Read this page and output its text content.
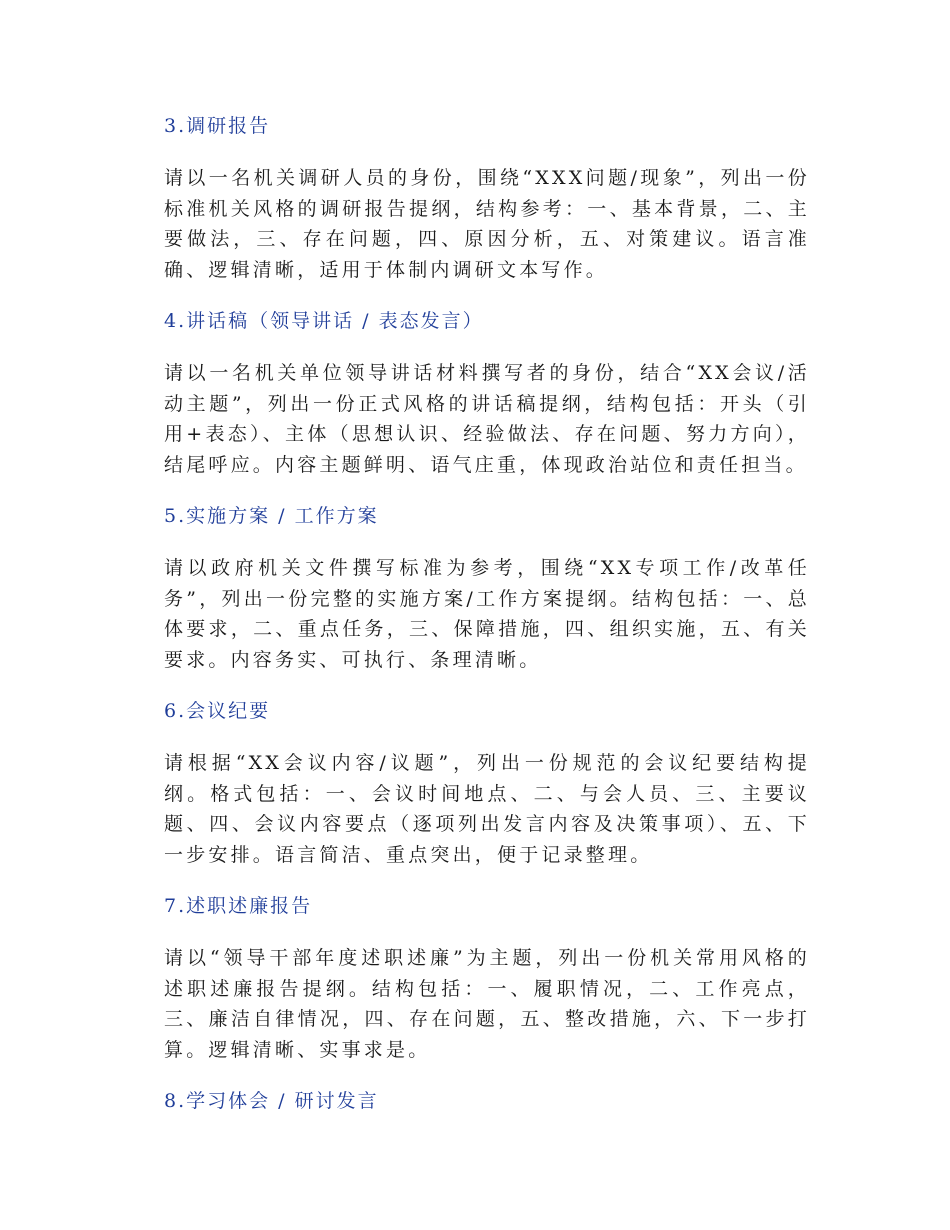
3.调研报告

请以一名机关调研人员的身份，围绕“XXX问题/现象”，列出一份标准机关风格的调研报告提纲，结构参考：一、基本背景，二、主要做法，三、存在问题，四、原因分析，五、对策建议。语言准确、逻辑清晰，适用于体制内调研文本写作。

4.讲话稿（领导讲话 / 表态发言）

请以一名机关单位领导讲话材料撰写者的身份，结合“XX会议/活动主题”，列出一份正式风格的讲话稿提纲，结构包括：开头（引用+表态）、主体（思想认识、经验做法、存在问题、努力方向），结尾呼应。内容主题鲜明、语气庄重，体现政治站位和责任担当。

5.实施方案 / 工作方案

请以政府机关文件撰写标准为参考，围绕“XX专项工作/改革任务”，列出一份完整的实施方案/工作方案提纲。结构包括：一、总体要求，二、重点任务，三、保障措施，四、组织实施，五、有关要求。内容务实、可执行、条理清晰。

6.会议纪要

请根据“XX会议内容/议题”，列出一份规范的会议纪要结构提纲。格式包括：一、会议时间地点、二、与会人员、三、主要议题、四、会议内容要点（逐项列出发言内容及决策事项）、五、下一步安排。语言简洁、重点突出，便于记录整理。

7.述职述廉报告

请以“领导干部年度述职述廉”为主题，列出一份机关常用风格的述职述廉报告提纲。结构包括：一、履职情况，二、工作亮点，三、廉洁自律情况，四、存在问题，五、整改措施，六、下一步打算。逻辑清晰、实事求是。

8.学习体会 / 研讨发言
